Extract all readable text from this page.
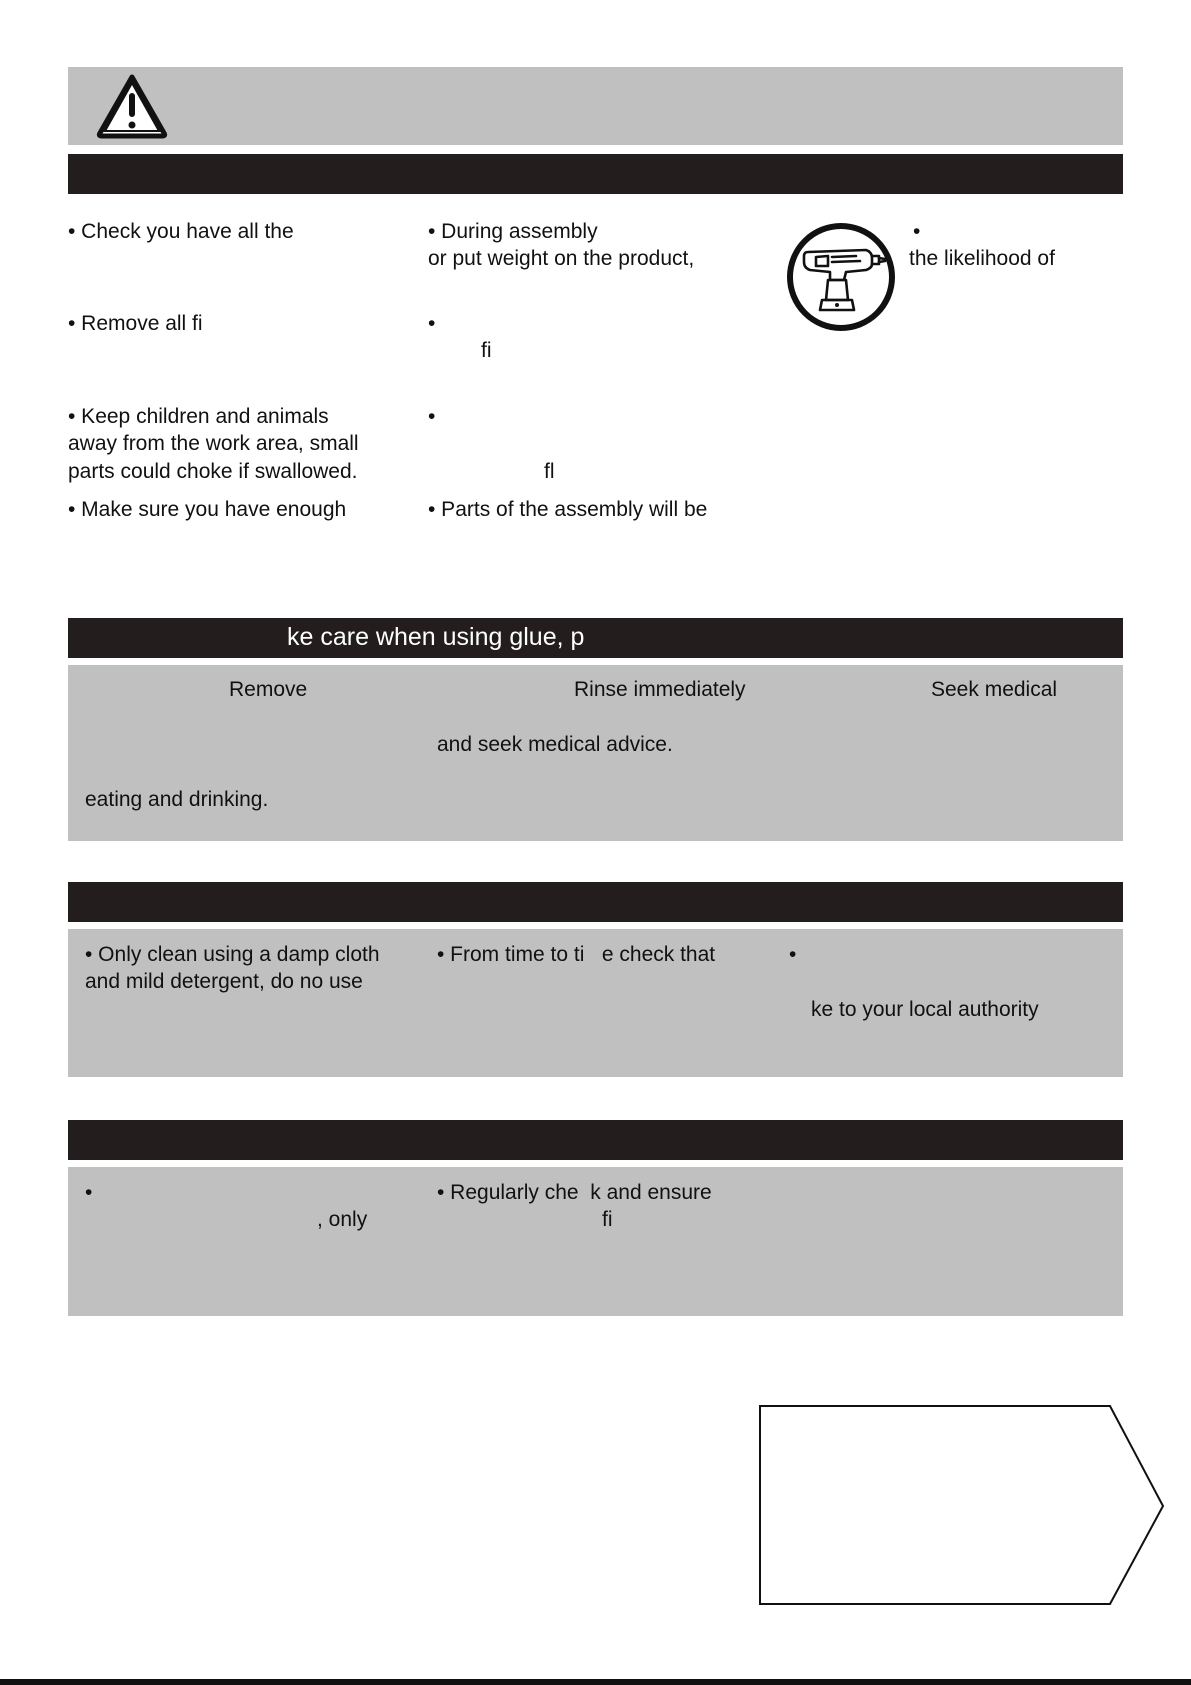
• Check you have all the
• Remove all fi
• Keep children and animals
away from the work area, small
parts could choke if swallowed.
• Make sure you have enough
• During assembly
or put weight on the product,
•
fi
•
fl
• Parts of the assembly will be
•
the likelihood of
ke care when using glue, p
Remove
eating and drinking.
Rinse immediately
and seek medical advice.
Seek medical
• Only clean using a damp cloth
and mild detergent, do no use
• From time to ti   e check that	•
ke to your local authority
•
, only
• Regularly che  k and ensure
fi
